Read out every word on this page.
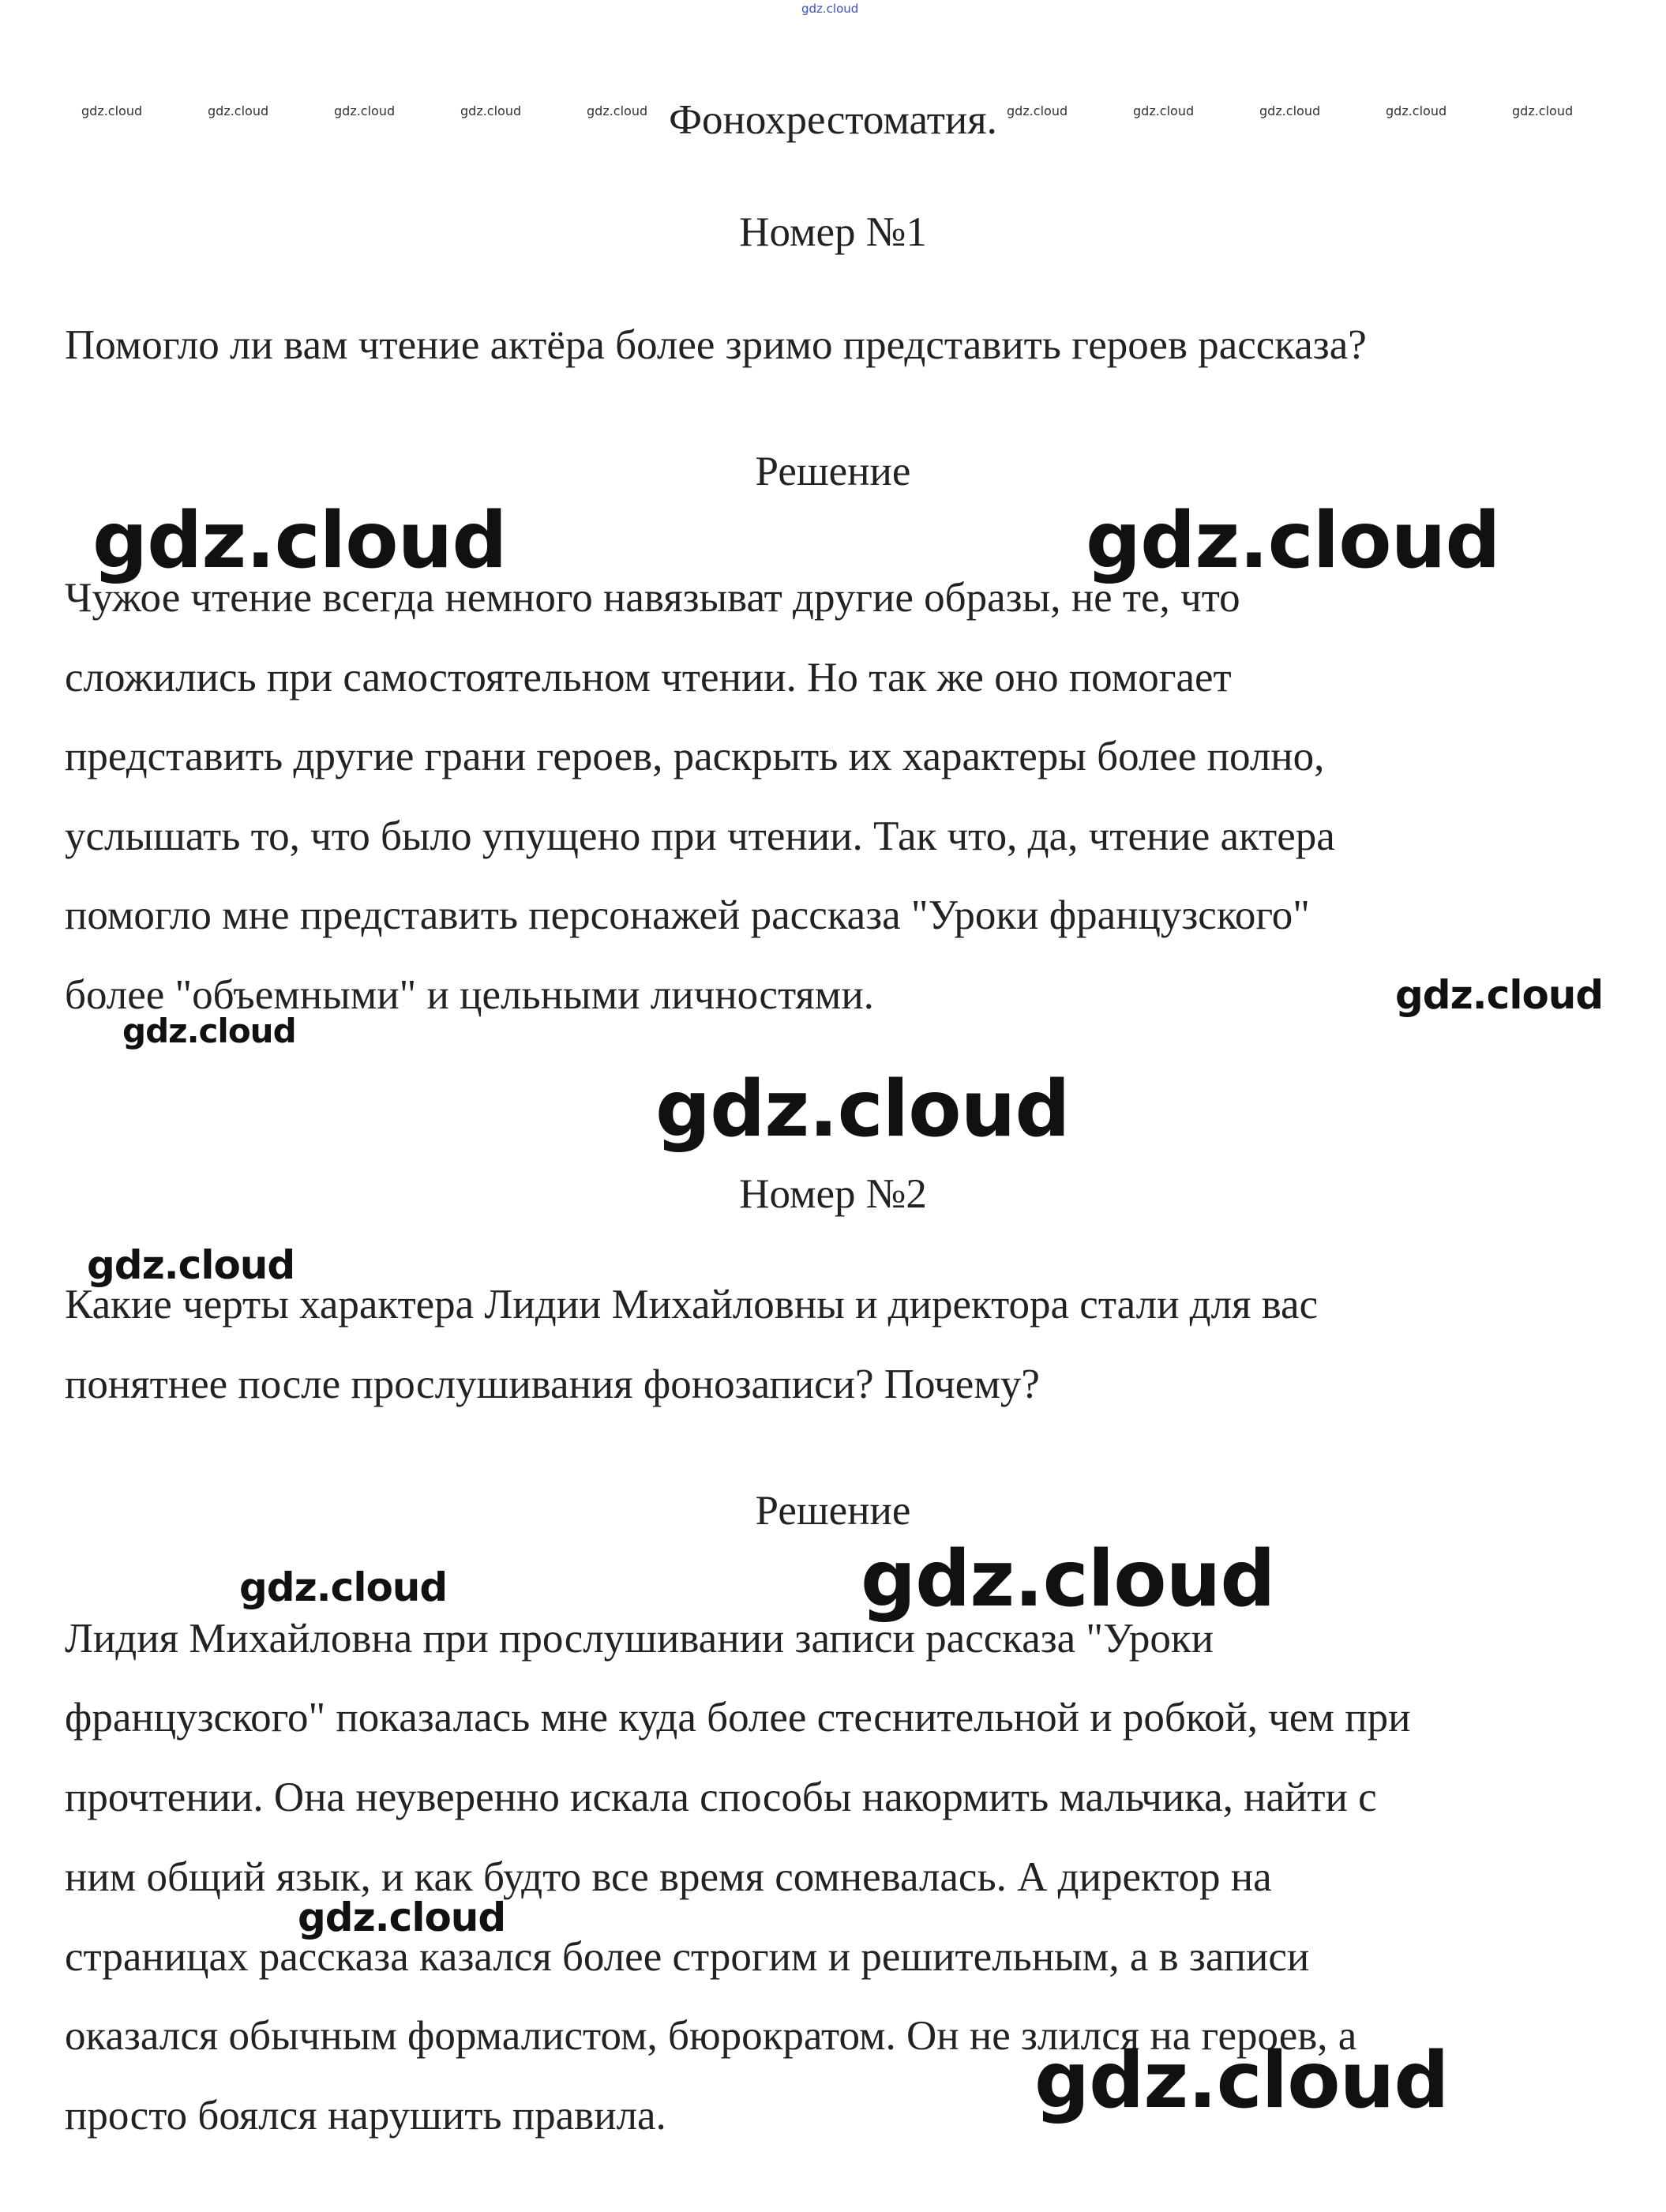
gdz.cloud
gdz.cloud	gdz.cloud	gdz.cloud	gdz.cloud	gdz.cloud	gdz.cloud	gdz.cloud	gdz.cloud	gdz.cloud	gdz.cloud
Фонохрестоматия.
Номер №1
Помогло ли вам чтение актёра более зримо представить героев рассказа?
Решение
Чужое чтение всегда немного навязыват другие образы, не те, что
сложились при самостоятельном чтении. Но так же оно помогает
представить другие грани героев, раскрыть их характеры более полно,
услышать то, что было упущено при чтении. Так что, да, чтение актера
помогло мне представить персонажей рассказа "Уроки французского"
более "объемными" и цельными личностями.
Номер №2
Какие черты характера Лидии Михайловны и директора стали для вас
понятнее после прослушивания фонозаписи? Почему?
Решение
Лидия Михайловна при прослушивании записи рассказа "Уроки
французского" показалась мне куда более стеснительной и робкой, чем при
прочтении. Она неуверенно искала способы накормить мальчика, найти с
ним общий язык, и как будто все время сомневалась. А директор на
страницах рассказа казался более строгим и решительным, а в записи
оказался обычным формалистом, бюрократом. Он не злился на героев, а
просто боялся нарушить правила.
gdz.cloud	gdz.cloud
gdz.cloud
gdz.cloud
gdz.cloud
gdz.cloud
gdz.cloud	gdz.cloud
gdz.cloud
gdz.cloud
